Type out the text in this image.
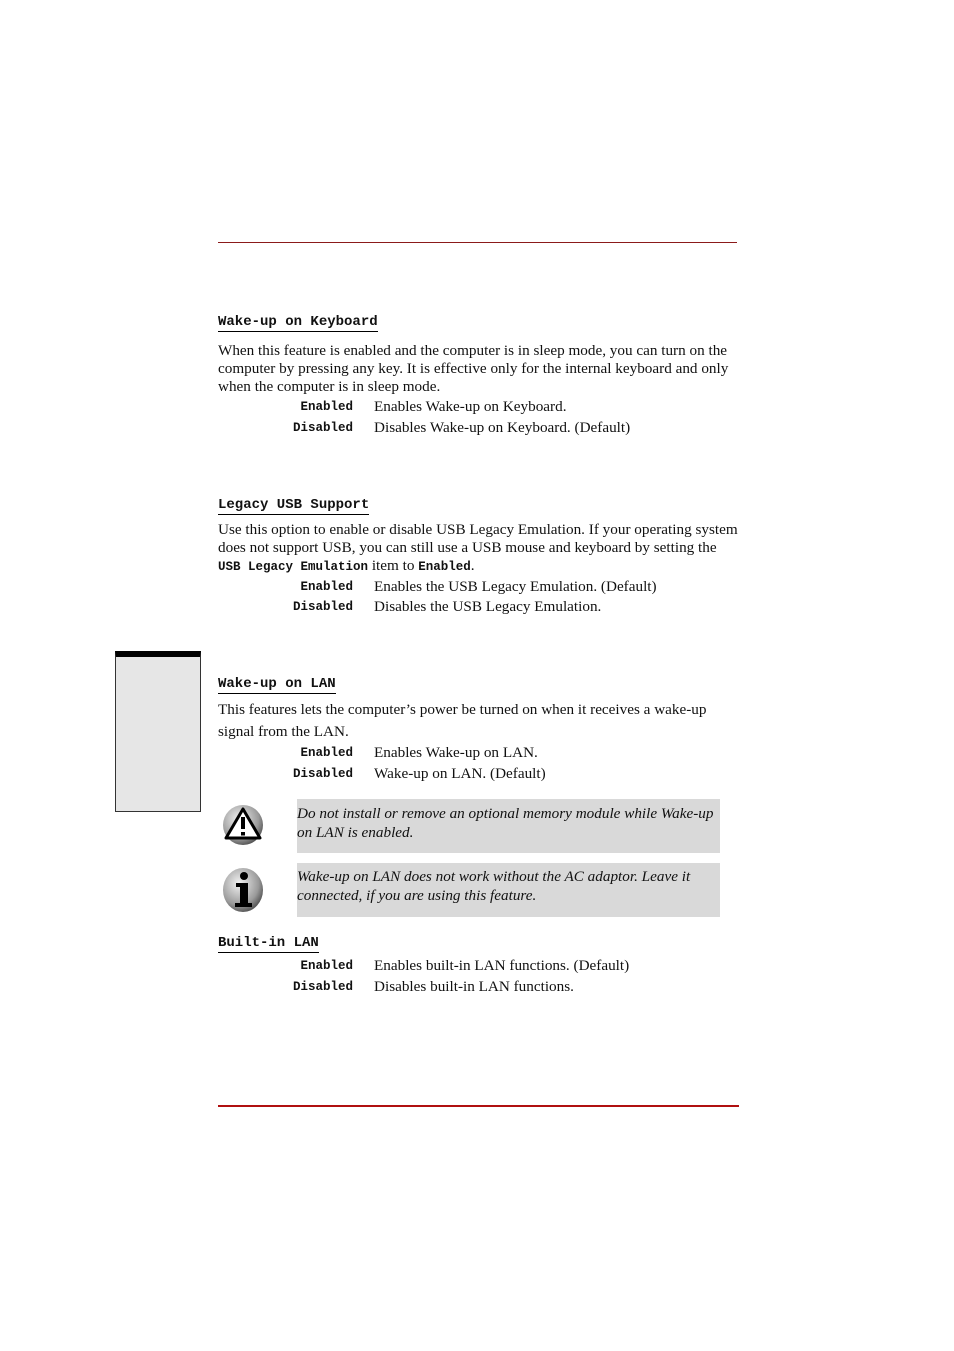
Wake-up on Keyboard

When this feature is enabled and the computer is in sleep mode, you can turn on the computer by pressing any key. It is effective only for the internal keyboard and only when the computer is in sleep mode.

Enabled Enables Wake-up on Keyboard.
Disabled Disables Wake-up on Keyboard. (Default)
Legacy USB Support

Use this option to enable or disable USB Legacy Emulation. If your operating system does not support USB, you can still use a USB mouse and keyboard by setting the USB Legacy Emulation item to Enabled.

Enabled Enables the USB Legacy Emulation. (Default)
Disabled Disables the USB Legacy Emulation.
Wake-up on LAN

This features lets the computer’s power be turned on when it receives a wake-up signal from the LAN.

Enabled Enables Wake-up on LAN.
Disabled Wake-up on LAN. (Default)

Do not install or remove an optional memory module while Wake-up on LAN is enabled.

Wake-up on LAN does not work without the AC adaptor. Leave it connected, if you are using this feature.

Built-in LAN
Enabled Enables built-in LAN functions. (Default)
Disabled Disables built-in LAN functions.
